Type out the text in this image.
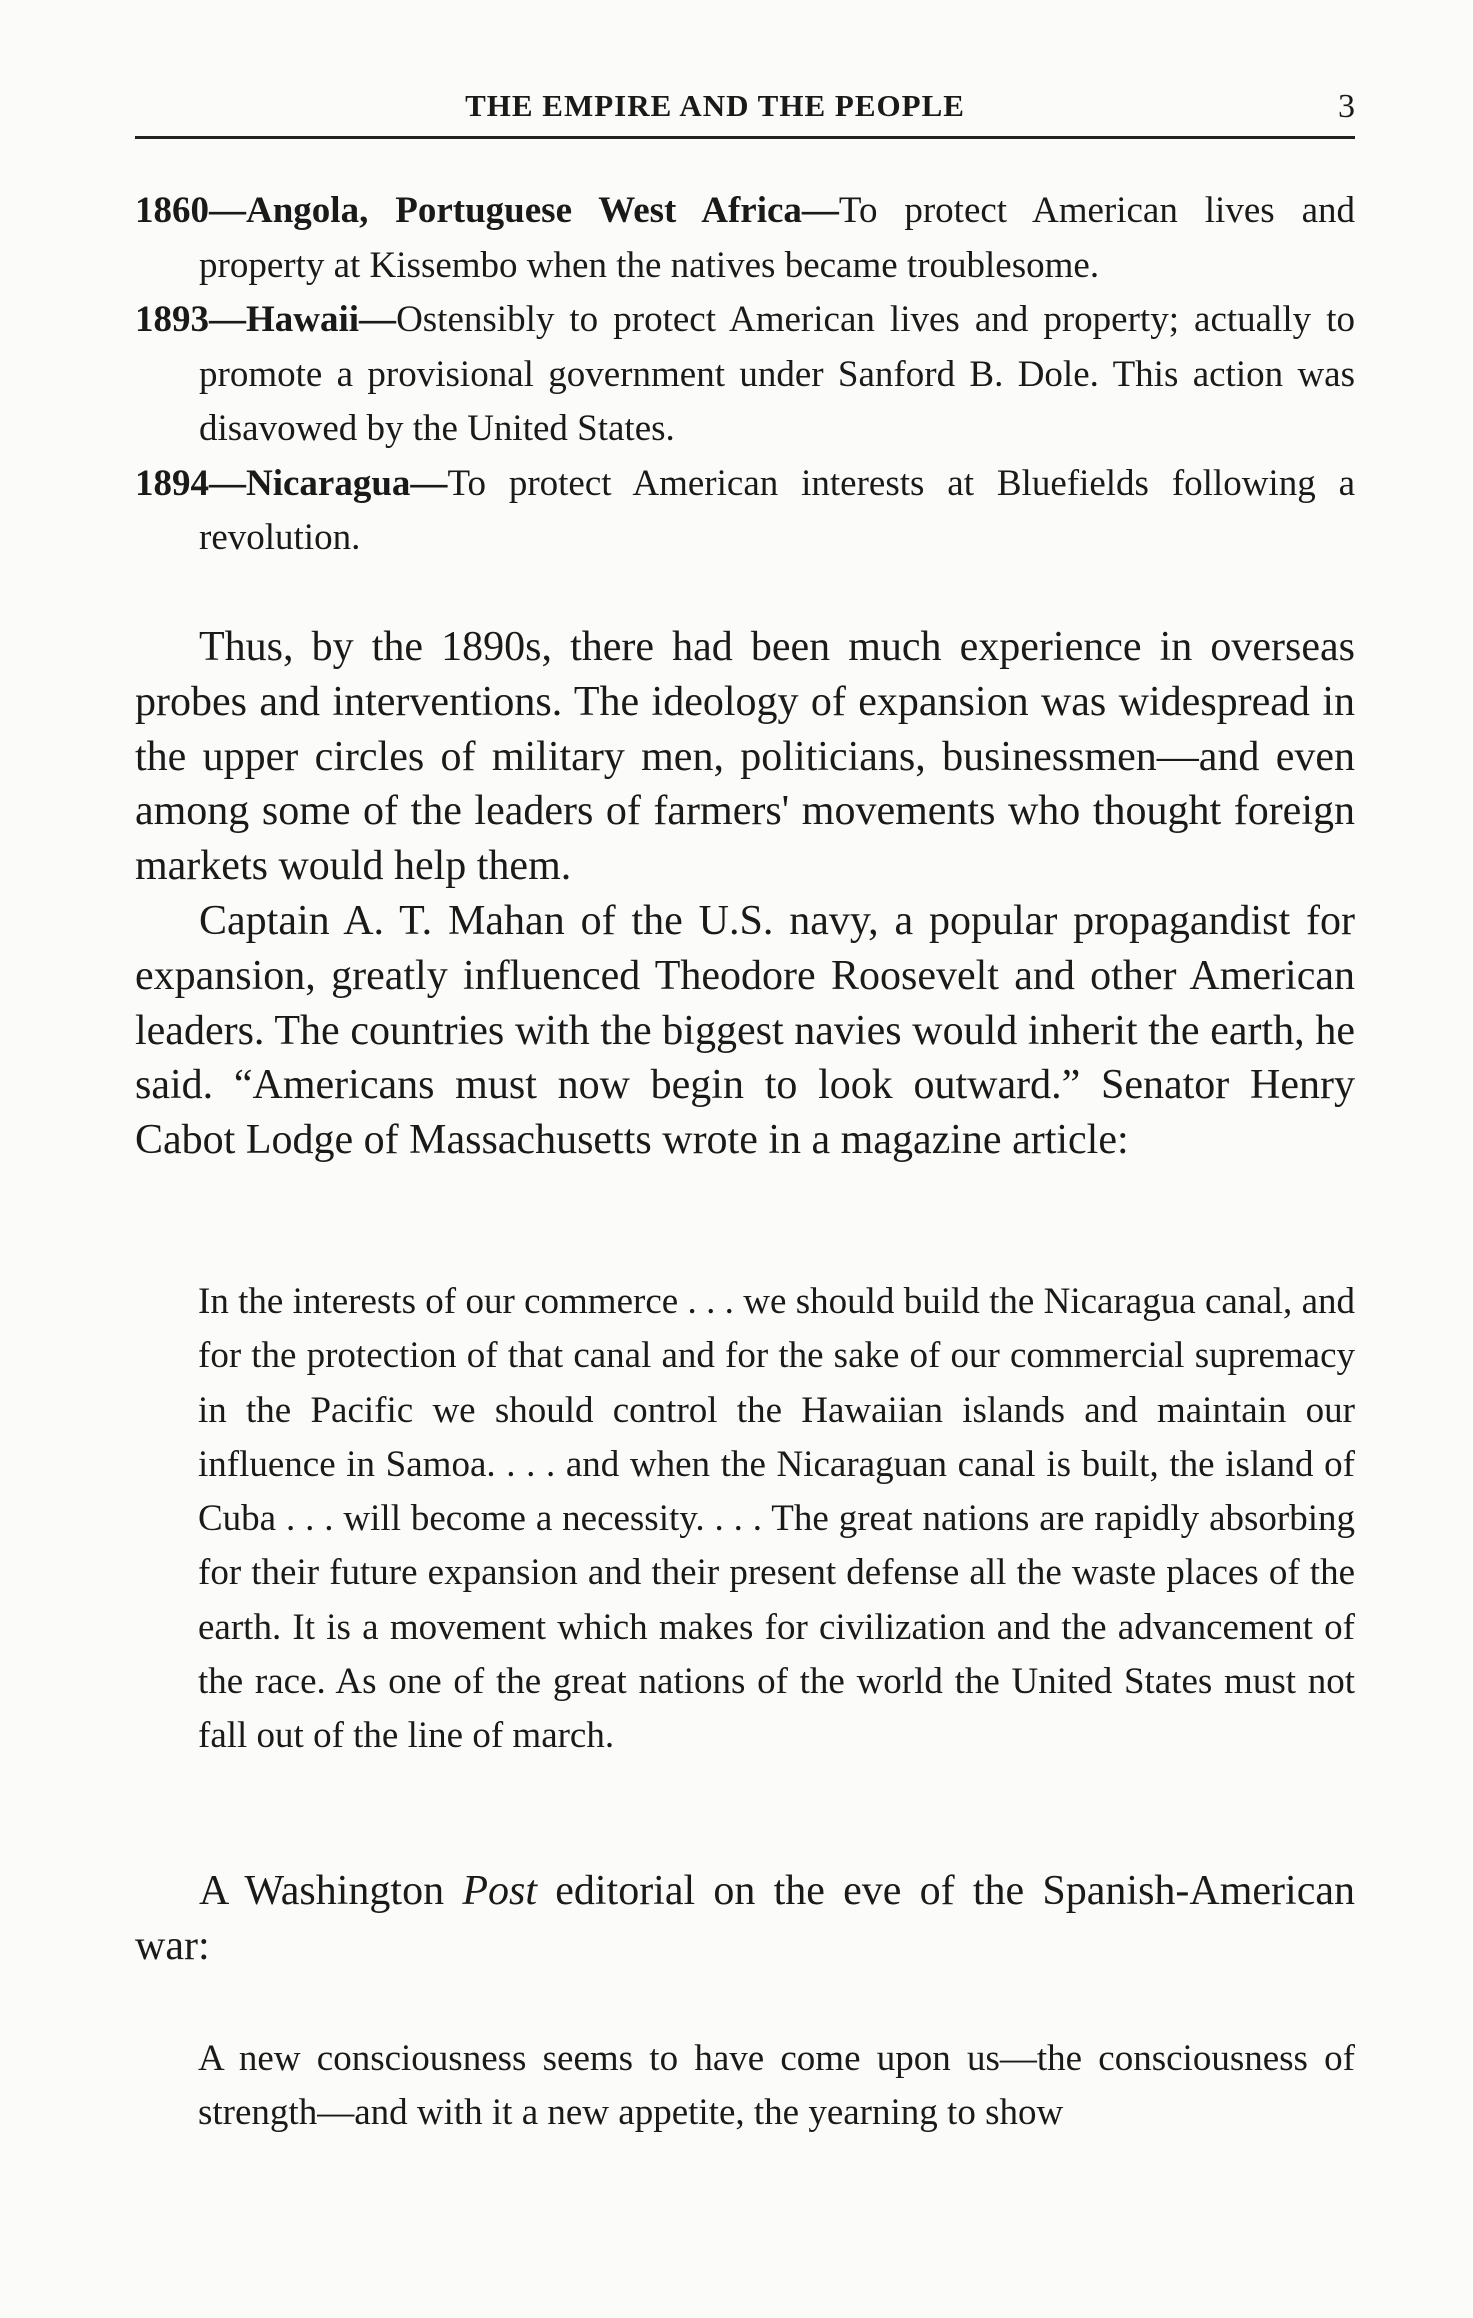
THE EMPIRE AND THE PEOPLE	3

1860—Angola, Portuguese West Africa—To protect American lives and property at Kissembo when the natives became troublesome.

1893—Hawaii—Ostensibly to protect American lives and property; actually to promote a provisional government under Sanford B. Dole. This action was disavowed by the United States.

1894—Nicaragua—To protect American interests at Bluefields following a revolution.

Thus, by the 1890s, there had been much experience in overseas probes and interventions. The ideology of expansion was widespread in the upper circles of military men, politicians, businessmen—and even among some of the leaders of farmers' movements who thought foreign markets would help them.

Captain A. T. Mahan of the U.S. navy, a popular propagandist for expansion, greatly influenced Theodore Roosevelt and other American leaders. The countries with the biggest navies would inherit the earth, he said. “Americans must now begin to look outward.” Senator Henry Cabot Lodge of Massachusetts wrote in a magazine article:

In the interests of our commerce . . . we should build the Nicaragua canal, and for the protection of that canal and for the sake of our commercial supremacy in the Pacific we should control the Hawaiian islands and maintain our influence in Samoa. . . . and when the Nicaraguan canal is built, the island of Cuba . . . will become a necessity. . . . The great nations are rapidly absorbing for their future expansion and their present defense all the waste places of the earth. It is a movement which makes for civilization and the advancement of the race. As one of the great nations of the world the United States must not fall out of the line of march.

A Washington Post editorial on the eve of the Spanish-American war:

A new consciousness seems to have come upon us—the consciousness of strength—and with it a new appetite, the yearning to show
